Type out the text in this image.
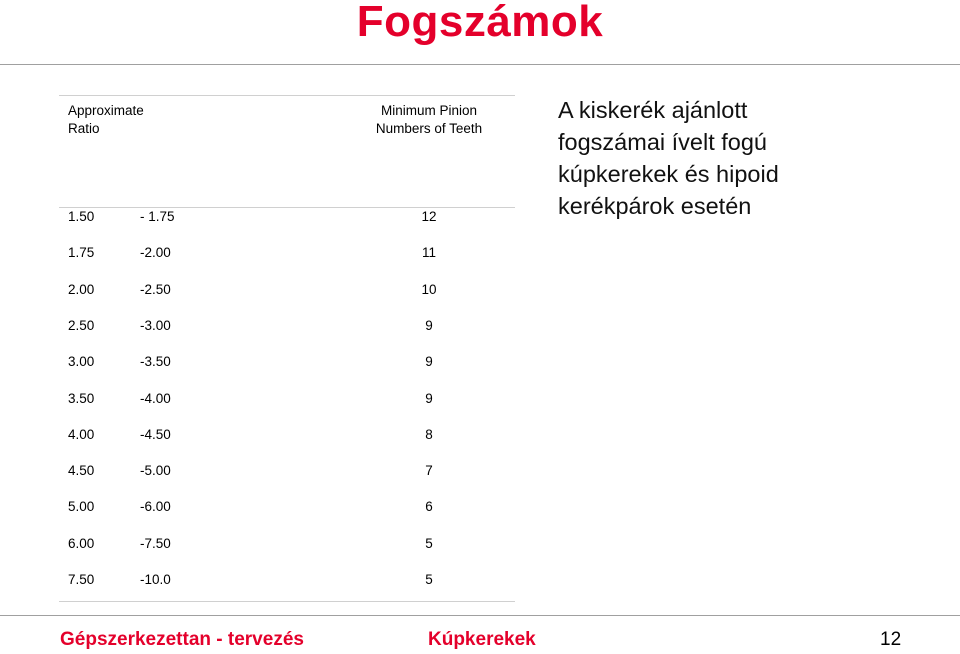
Fogszámok
Approximate
Ratio
Minimum Pinion
Numbers of Teeth
1.50	- 1.75	12
1.75	-2.00	11
2.00	-2.50	10
2.50	-3.00	9
3.00	-3.50	9
3.50	-4.00	9
4.00	-4.50	8
4.50	-5.00	7
5.00	-6.00	6
6.00	-7.50	5
7.50	-10.0	5
A kiskerék ajánlott
fogszámai ívelt fogú
kúpkerekek és hipoid
kerékpárok esetén
Gépszerkezettan - tervezés	Kúpkerekek	12
